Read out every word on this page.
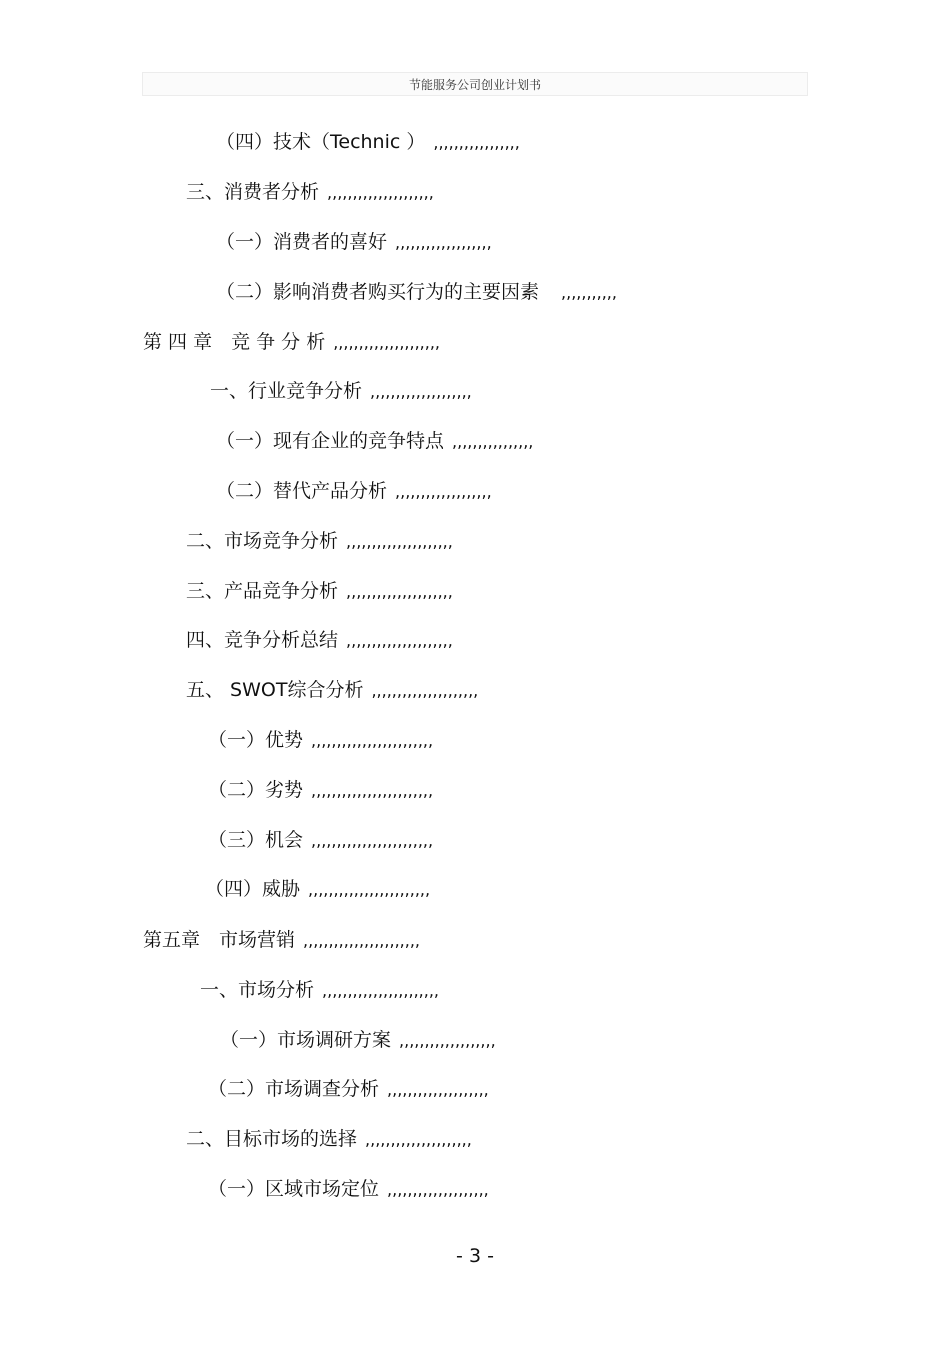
节能服务公司创业计划书
（四）技术（Technic ） ,,,,,,,,,,,,,,,,,
三、消费者分析 ,,,,,,,,,,,,,,,,,,,,,
（一）消费者的喜好 ,,,,,,,,,,,,,,,,,,,
（二）影响消费者购买行为的主要因素 ,,,,,,,,,,,
第 四 章　竞 争 分 析 ,,,,,,,,,,,,,,,,,,,,,
一、行业竞争分析 ,,,,,,,,,,,,,,,,,,,,
（一）现有企业的竞争特点 ,,,,,,,,,,,,,,,,
（二）替代产品分析 ,,,,,,,,,,,,,,,,,,,
二、市场竞争分析 ,,,,,,,,,,,,,,,,,,,,,
三、产品竞争分析 ,,,,,,,,,,,,,,,,,,,,,
四、竞争分析总结 ,,,,,,,,,,,,,,,,,,,,,
五、 SWOT综合分析 ,,,,,,,,,,,,,,,,,,,,,
（一）优势 ,,,,,,,,,,,,,,,,,,,,,,,,
（二）劣势 ,,,,,,,,,,,,,,,,,,,,,,,,
（三）机会 ,,,,,,,,,,,,,,,,,,,,,,,,
（四）威胁 ,,,,,,,,,,,,,,,,,,,,,,,,
第五章　市场营销 ,,,,,,,,,,,,,,,,,,,,,,,
一、市场分析 ,,,,,,,,,,,,,,,,,,,,,,,
（一）市场调研方案 ,,,,,,,,,,,,,,,,,,,
（二）市场调查分析 ,,,,,,,,,,,,,,,,,,,,
二、目标市场的选择 ,,,,,,,,,,,,,,,,,,,,,
（一）区域市场定位 ,,,,,,,,,,,,,,,,,,,,
- 3 -
